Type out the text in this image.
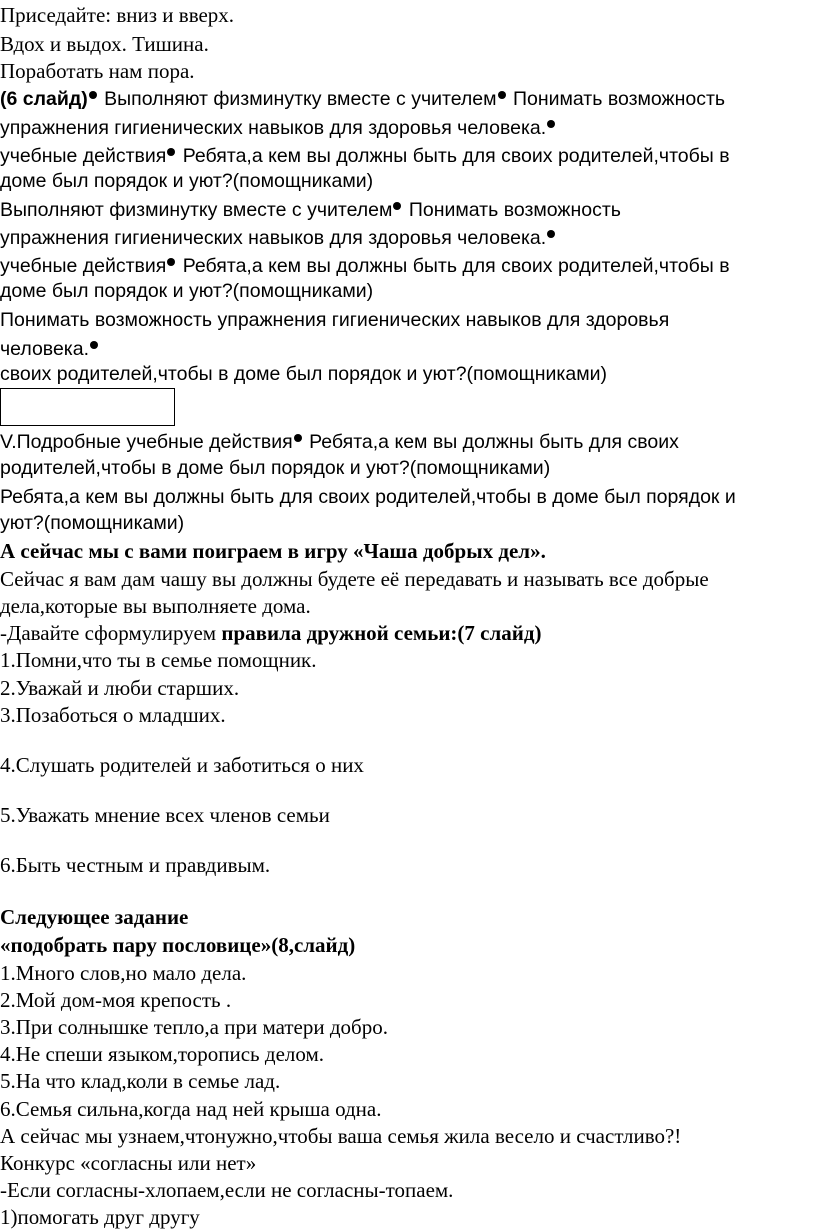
Приседайте: вниз и вверх.
Вдох и выдох. Тишина.
Поработать нам пора.
(6 слайд) Выполняют физминутку вместе с учителем Понимать возможность
упражнения гигиенических навыков для здоровья человека.
учебные действия Ребята,а кем вы должны быть для своих родителей,чтобы в
доме был порядок и уют?(помощниками)
Выполняют физминутку вместе с учителем Понимать возможность
упражнения гигиенических навыков для здоровья человека.
учебные действия Ребята,а кем вы должны быть для своих родителей,чтобы в
доме был порядок и уют?(помощниками)
Понимать возможность упражнения гигиенических навыков для здоровья
человека.
своих родителей,чтобы в доме был порядок и уют?(помощниками)
V.Подробные учебные действия Ребята,а кем вы должны быть для своих
родителей,чтобы в доме был порядок и уют?(помощниками)
Ребята,а кем вы должны быть для своих родителей,чтобы в доме был порядок и
уют?(помощниками)
А сейчас мы с вами поиграем в игру «Чаша добрых дел».
Сейчас я вам дам чашу вы должны будете её передавать и называть все добрые
дела,которые вы выполняете дома.
-Давайте сформулируем правила дружной семьи:(7 слайд)
1.Помни,что ты в семье помощник.
2.Уважай и люби старших.
3.Позаботься о младших.
4.Слушать родителей и заботиться о них
5.Уважать мнение всех членов семьи
6.Быть честным и правдивым.
Следующее задание
«подобрать пару пословице»(8,слайд)
1.Много слов,но мало дела.
2.Мой дом-моя крепость .
3.При солнышке тепло,а при матери добро.
4.Не спеши языком,торопись делом.
5.На что клад,коли в семье лад.
6.Семья сильна,когда над ней крыша одна.
А сейчас мы узнаем,чтонужно,чтобы ваша семья жила весело и счастливо?!
Конкурс «согласны или нет»
-Если согласны-хлопаем,если не согласны-топаем.
1)помогать друг другу
